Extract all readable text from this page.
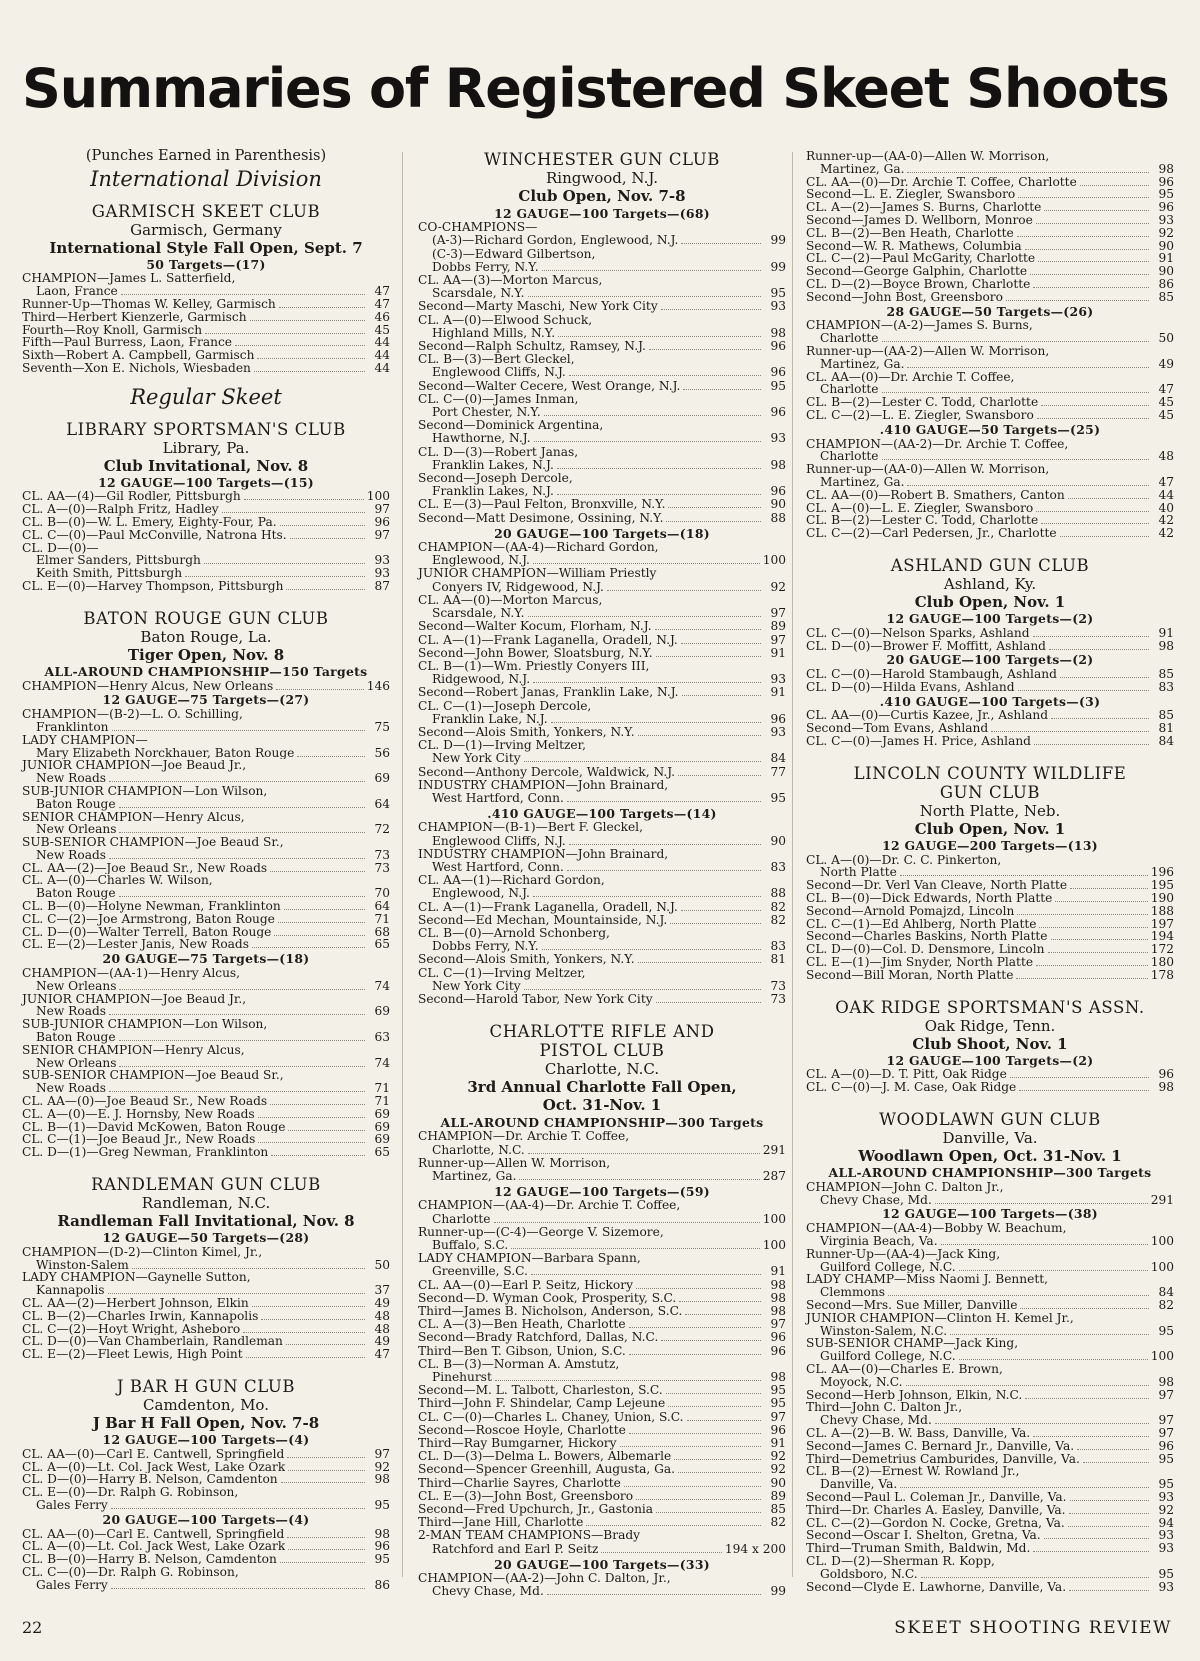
Summaries of Registered Skeet Shoots
(Punches Earned in Parenthesis)
International Division
GARMISCH SKEET CLUB
Garmisch, Germany
International Style Fall Open, Sept. 7
50 Targets—(17)
CHAMPION—James L. Satterfield,
Laon, France	47
Runner-Up—Thomas W. Kelley, Garmisch	47
Third—Herbert Kienzerle, Garmisch	46
Fourth—Roy Knoll, Garmisch	45
Fifth—Paul Burress, Laon, France	44
Sixth—Robert A. Campbell, Garmisch	44
Seventh—Xon E. Nichols, Wiesbaden	44
Regular Skeet
LIBRARY SPORTSMAN'S CLUB
Library, Pa.
Club Invitational, Nov. 8
12 GAUGE—100 Targets—(15)
CL. AA—(4)—Gil Rodler, Pittsburgh	100
CL. A—(0)—Ralph Fritz, Hadley	97
CL. B—(0)—W. L. Emery, Eighty-Four, Pa.	96
CL. C—(0)—Paul McConville, Natrona Hts.	97
CL. D—(0)—
Elmer Sanders, Pittsburgh	93
Keith Smith, Pittsburgh	93
CL. E—(0)—Harvey Thompson, Pittsburgh	87
BATON ROUGE GUN CLUB
Baton Rouge, La.
Tiger Open, Nov. 8
ALL-AROUND CHAMPIONSHIP—150 Targets
CHAMPION—Henry Alcus, New Orleans	146
12 GAUGE—75 Targets—(27)
CHAMPION—(B-2)—L. O. Schilling,
Franklinton	75
LADY CHAMPION—
Mary Elizabeth Norckhauer, Baton Rouge	56
JUNIOR CHAMPION—Joe Beaud Jr.,
New Roads	69
SUB-JUNIOR CHAMPION—Lon Wilson,
Baton Rouge	64
SENIOR CHAMPION—Henry Alcus,
New Orleans	72
SUB-SENIOR CHAMPION—Joe Beaud Sr.,
New Roads	73
CL. AA—(2)—Joe Beaud Sr., New Roads	73
CL. A—(0)—Charles W. Wilson,
Baton Rouge	70
CL. B—(0)—Holyne Newman, Franklinton	64
CL. C—(2)—Joe Armstrong, Baton Rouge	71
CL. D—(0)—Walter Terrell, Baton Rouge	68
CL. E—(2)—Lester Janis, New Roads	65
20 GAUGE—75 Targets—(18)
CHAMPION—(AA-1)—Henry Alcus,
New Orleans	74
JUNIOR CHAMPION—Joe Beaud Jr.,
New Roads	69
SUB-JUNIOR CHAMPION—Lon Wilson,
Baton Rouge	63
SENIOR CHAMPION—Henry Alcus,
New Orleans	74
SUB-SENIOR CHAMPION—Joe Beaud Sr.,
New Roads	71
CL. AA—(0)—Joe Beaud Sr., New Roads	71
CL. A—(0)—E. J. Hornsby, New Roads	69
CL. B—(1)—David McKowen, Baton Rouge	69
CL. C—(1)—Joe Beaud Jr., New Roads	69
CL. D—(1)—Greg Newman, Franklinton	65
RANDLEMAN GUN CLUB
Randleman, N.C.
Randleman Fall Invitational, Nov. 8
12 GAUGE—50 Targets—(28)
CHAMPION—(D-2)—Clinton Kimel, Jr.,
Winston-Salem	50
LADY CHAMPION—Gaynelle Sutton,
Kannapolis	37
CL. AA—(2)—Herbert Johnson, Elkin	49
CL. B—(2)—Charles Irwin, Kannapolis	48
CL. C—(2)—Hoyt Wright, Asheboro	48
CL. D—(0)—Van Chamberlain, Randleman	49
CL. E—(2)—Fleet Lewis, High Point	47
J BAR H GUN CLUB
Camdenton, Mo.
J Bar H Fall Open, Nov. 7-8
12 GAUGE—100 Targets—(4)
CL. AA—(0)—Carl E. Cantwell, Springfield	97
CL. A—(0)—Lt. Col. Jack West, Lake Ozark	92
CL. D—(0)—Harry B. Nelson, Camdenton	98
CL. E—(0)—Dr. Ralph G. Robinson,
Gales Ferry	95
20 GAUGE—100 Targets—(4)
CL. AA—(0)—Carl E. Cantwell, Springfield	98
CL. A—(0)—Lt. Col. Jack West, Lake Ozark	96
CL. B—(0)—Harry B. Nelson, Camdenton	95
CL. C—(0)—Dr. Ralph G. Robinson,
Gales Ferry	86
WINCHESTER GUN CLUB
Ringwood, N.J.
Club Open, Nov. 7-8
12 GAUGE—100 Targets—(68)
CO-CHAMPIONS—
(A-3)—Richard Gordon, Englewood, N.J.	99
(C-3)—Edward Gilbertson,
Dobbs Ferry, N.Y.	99
CL. AA—(3)—Morton Marcus,
Scarsdale, N.Y.	95
Second—Marty Maschi, New York City	93
CL. A—(0)—Elwood Schuck,
Highland Mills, N.Y.	98
Second—Ralph Schultz, Ramsey, N.J.	96
CL. B—(3)—Bert Gleckel,
Englewood Cliffs, N.J.	96
Second—Walter Cecere, West Orange, N.J.	95
CL. C—(0)—James Inman,
Port Chester, N.Y.	96
Second—Dominick Argentina,
Hawthorne, N.J.	93
CL. D—(3)—Robert Janas,
Franklin Lakes, N.J.	98
Second—Joseph Dercole,
Franklin Lakes, N.J.	96
CL. E—(3)—Paul Felton, Bronxville, N.Y.	90
Second—Matt Desimone, Ossining, N.Y.	88
20 GAUGE—100 Targets—(18)
CHAMPION—(AA-4)—Richard Gordon,
Englewood, N.J.	100
JUNIOR CHAMPION—William Priestly
Conyers IV, Ridgewood, N.J.	92
CL. AA—(0)—Morton Marcus,
Scarsdale, N.Y.	97
Second—Walter Kocum, Florham, N.J.	89
CL. A—(1)—Frank Laganella, Oradell, N.J.	97
Second—John Bower, Sloatsburg, N.Y.	91
CL. B—(1)—Wm. Priestly Conyers III,
Ridgewood, N.J.	93
Second—Robert Janas, Franklin Lake, N.J.	91
CL. C—(1)—Joseph Dercole,
Franklin Lake, N.J.	96
Second—Alois Smith, Yonkers, N.Y.	93
CL. D—(1)—Irving Meltzer,
New York City	84
Second—Anthony Dercole, Waldwick, N.J.	77
INDUSTRY CHAMPION—John Brainard,
West Hartford, Conn.	95
.410 GAUGE—100 Targets—(14)
CHAMPION—(B-1)—Bert F. Gleckel,
Englewood Cliffs, N.J.	90
INDUSTRY CHAMPION—John Brainard,
West Hartford, Conn.	83
CL. AA—(1)—Richard Gordon,
Englewood, N.J.	88
CL. A—(1)—Frank Laganella, Oradell, N.J.	82
Second—Ed Mechan, Mountainside, N.J.	82
CL. B—(0)—Arnold Schonberg,
Dobbs Ferry, N.Y.	83
Second—Alois Smith, Yonkers, N.Y.	81
CL. C—(1)—Irving Meltzer,
New York City	73
Second—Harold Tabor, New York City	73
CHARLOTTE RIFLE AND
PISTOL CLUB
Charlotte, N.C.
3rd Annual Charlotte Fall Open,
Oct. 31-Nov. 1
ALL-AROUND CHAMPIONSHIP—300 Targets
CHAMPION—Dr. Archie T. Coffee,
Charlotte, N.C.	291
Runner-up—Allen W. Morrison,
Martinez, Ga.	287
12 GAUGE—100 Targets—(59)
CHAMPION—(AA-4)—Dr. Archie T. Coffee,
Charlotte	100
Runner-up—(C-4)—George V. Sizemore,
Buffalo, S.C.	100
LADY CHAMPION—Barbara Spann,
Greenville, S.C.	91
CL. AA—(0)—Earl P. Seitz, Hickory	98
Second—D. Wyman Cook, Prosperity, S.C.	98
Third—James B. Nicholson, Anderson, S.C.	98
CL. A—(3)—Ben Heath, Charlotte	97
Second—Brady Ratchford, Dallas, N.C.	96
Third—Ben T. Gibson, Union, S.C.	96
CL. B—(3)—Norman A. Amstutz,
Pinehurst	98
Second—M. L. Talbott, Charleston, S.C.	95
Third—John F. Shindelar, Camp Lejeune	95
CL. C—(0)—Charles L. Chaney, Union, S.C.	97
Second—Roscoe Hoyle, Charlotte	96
Third—Ray Bumgarner, Hickory	91
CL. D—(3)—Delma L. Bowers, Albemarle	92
Second—Spencer Greenhill, Augusta, Ga.	92
Third—Charlie Sayres, Charlotte	90
CL. E—(3)—John Bost, Greensboro	89
Second—Fred Upchurch, Jr., Gastonia	85
Third—Jane Hill, Charlotte	82
2-MAN TEAM CHAMPIONS—Brady
Ratchford and Earl P. Seitz	194 x 200
20 GAUGE—100 Targets—(33)
CHAMPION—(AA-2)—John C. Dalton, Jr.,
Chevy Chase, Md.	99
Runner-up—(AA-0)—Allen W. Morrison,
Martinez, Ga.	98
CL. AA—(0)—Dr. Archie T. Coffee, Charlotte	96
Second—L. E. Ziegler, Swansboro	95
CL. A—(2)—James S. Burns, Charlotte	96
Second—James D. Wellborn, Monroe	93
CL. B—(2)—Ben Heath, Charlotte	92
Second—W. R. Mathews, Columbia	90
CL. C—(2)—Paul McGarity, Charlotte	91
Second—George Galphin, Charlotte	90
CL. D—(2)—Boyce Brown, Charlotte	86
Second—John Bost, Greensboro	85
28 GAUGE—50 Targets—(26)
CHAMPION—(A-2)—James S. Burns,
Charlotte	50
Runner-up—(AA-2)—Allen W. Morrison,
Martinez, Ga.	49
CL. AA—(0)—Dr. Archie T. Coffee,
Charlotte	47
CL. B—(2)—Lester C. Todd, Charlotte	45
CL. C—(2)—L. E. Ziegler, Swansboro	45
.410 GAUGE—50 Targets—(25)
CHAMPION—(AA-2)—Dr. Archie T. Coffee,
Charlotte	48
Runner-up—(AA-0)—Allen W. Morrison,
Martinez, Ga.	47
CL. AA—(0)—Robert B. Smathers, Canton	44
CL. A—(0)—L. E. Ziegler, Swansboro	40
CL. B—(2)—Lester C. Todd, Charlotte	42
CL. C—(2)—Carl Pedersen, Jr., Charlotte	42
ASHLAND GUN CLUB
Ashland, Ky.
Club Open, Nov. 1
12 GAUGE—100 Targets—(2)
CL. C—(0)—Nelson Sparks, Ashland	91
CL. D—(0)—Brower F. Moffitt, Ashland	98
20 GAUGE—100 Targets—(2)
CL. C—(0)—Harold Stambaugh, Ashland	85
CL. D—(0)—Hilda Evans, Ashland	83
.410 GAUGE—100 Targets—(3)
CL. AA—(0)—Curtis Kazee, Jr., Ashland	85
Second—Tom Evans, Ashland	81
CL. C—(0)—James H. Price, Ashland	84
LINCOLN COUNTY WILDLIFE
GUN CLUB
North Platte, Neb.
Club Open, Nov. 1
12 GAUGE—200 Targets—(13)
CL. A—(0)—Dr. C. C. Pinkerton,
North Platte	196
Second—Dr. Verl Van Cleave, North Platte	195
CL. B—(0)—Dick Edwards, North Platte	190
Second—Arnold Pomajzd, Lincoln	188
CL. C—(1)—Ed Ahlberg, North Platte	197
Second—Charles Baskins, North Platte	194
CL. D—(0)—Col. D. Densmore, Lincoln	172
CL. E—(1)—Jim Snyder, North Platte	180
Second—Bill Moran, North Platte	178
OAK RIDGE SPORTSMAN'S ASSN.
Oak Ridge, Tenn.
Club Shoot, Nov. 1
12 GAUGE—100 Targets—(2)
CL. A—(0)—D. T. Pitt, Oak Ridge	96
CL. C—(0)—J. M. Case, Oak Ridge	98
WOODLAWN GUN CLUB
Danville, Va.
Woodlawn Open, Oct. 31-Nov. 1
ALL-AROUND CHAMPIONSHIP—300 Targets
CHAMPION—John C. Dalton Jr.,
Chevy Chase, Md.	291
12 GAUGE—100 Targets—(38)
CHAMPION—(AA-4)—Bobby W. Beachum,
Virginia Beach, Va.	100
Runner-Up—(AA-4)—Jack King,
Guilford College, N.C.	100
LADY CHAMP—Miss Naomi J. Bennett,
Clemmons	84
Second—Mrs. Sue Miller, Danville	82
JUNIOR CHAMPION—Clinton H. Kemel Jr.,
Winston-Salem, N.C.	95
SUB-SENIOR CHAMP—Jack King,
Guilford College, N.C.	100
CL. AA—(0)—Charles E. Brown,
Moyock, N.C.	98
Second—Herb Johnson, Elkin, N.C.	97
Third—John C. Dalton Jr.,
Chevy Chase, Md.	97
CL. A—(2)—B. W. Bass, Danville, Va.	97
Second—James C. Bernard Jr., Danville, Va.	96
Third—Demetrius Camburides, Danville, Va.	95
CL. B—(2)—Ernest W. Rowland Jr.,
Danville, Va.	95
Second—Paul L. Coleman Jr., Danville, Va.	93
Third—Dr. Charles A. Easley, Danville, Va.	92
CL. C—(2)—Gordon N. Cocke, Gretna, Va.	94
Second—Oscar I. Shelton, Gretna, Va.	93
Third—Truman Smith, Baldwin, Md.	93
CL. D—(2)—Sherman R. Kopp,
Goldsboro, N.C.	95
Second—Clyde E. Lawhorne, Danville, Va.	93
22	SKEET SHOOTING REVIEW
